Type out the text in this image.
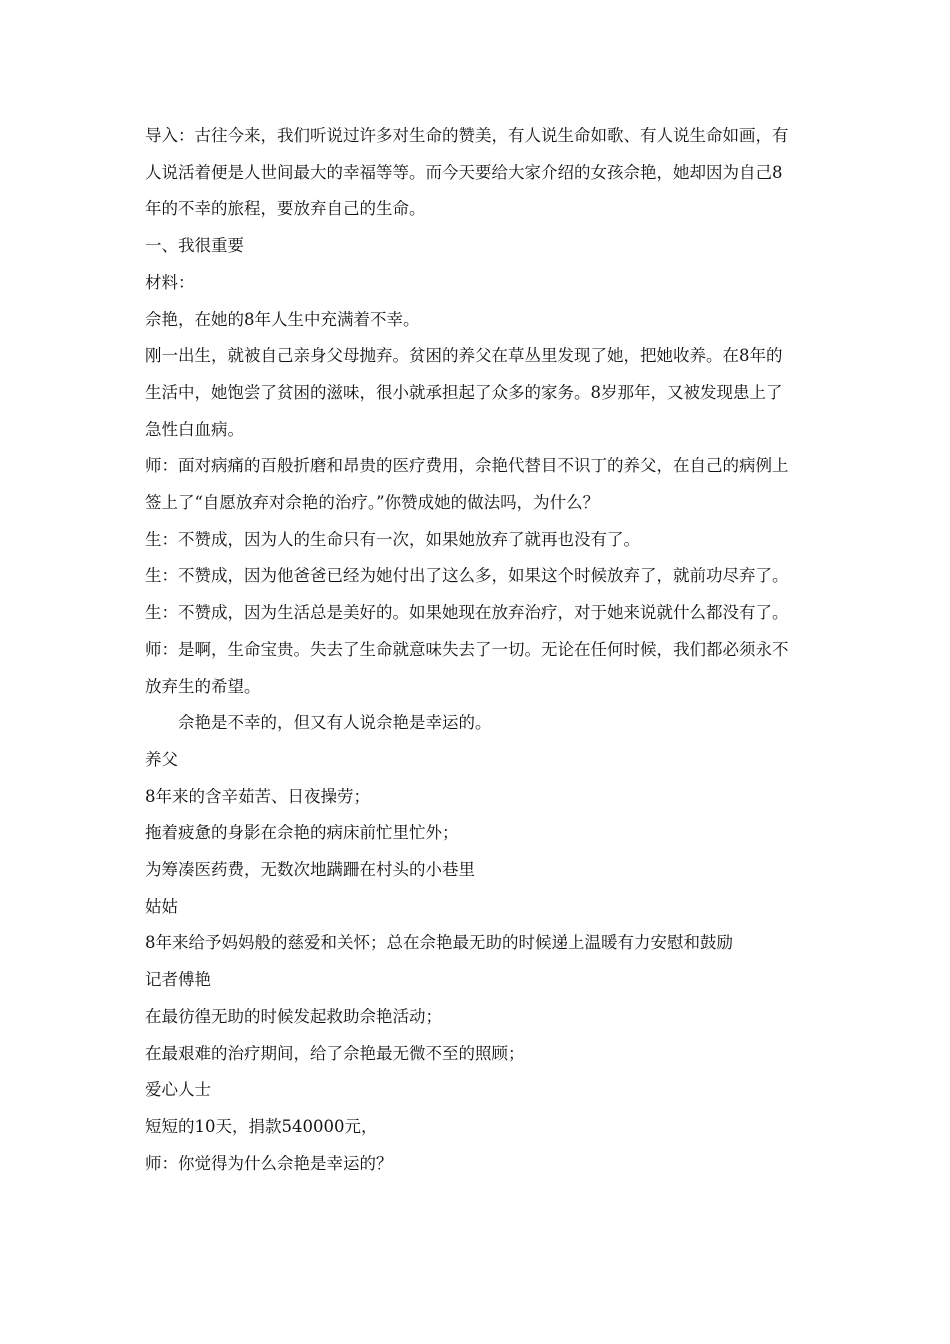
导入：古往今来，我们听说过许多对生命的赞美，有人说生命如歌、有人说生命如画，有

人说活着便是人世间最大的幸福等等。而今天要给大家介绍的女孩佘艳，她却因为自己8

年的不幸的旅程，要放弃自己的生命。

一、我很重要

材料：

佘艳，在她的8年人生中充满着不幸。

刚一出生，就被自己亲身父母抛弃。贫困的养父在草丛里发现了她，把她收养。在8年的

生活中，她饱尝了贫困的滋味，很小就承担起了众多的家务。8岁那年，又被发现患上了

急性白血病。

师：面对病痛的百般折磨和昂贵的医疗费用，佘艳代替目不识丁的养父，在自己的病例上

签上了“自愿放弃对佘艳的治疗。”你赞成她的做法吗，为什么？

生：不赞成，因为人的生命只有一次，如果她放弃了就再也没有了。

生：不赞成，因为他爸爸已经为她付出了这么多，如果这个时候放弃了，就前功尽弃了。

生：不赞成，因为生活总是美好的。如果她现在放弃治疗，对于她来说就什么都没有了。

师：是啊，生命宝贵。失去了生命就意味失去了一切。无论在任何时候，我们都必须永不

放弃生的希望。

佘艳是不幸的，但又有人说佘艳是幸运的。

养父

8年来的含辛茹苦、日夜操劳；

拖着疲惫的身影在佘艳的病床前忙里忙外；

为筹凑医药费，无数次地蹒跚在村头的小巷里

姑姑

8年来给予妈妈般的慈爱和关怀；总在佘艳最无助的时候递上温暖有力安慰和鼓励

记者傅艳

在最彷徨无助的时候发起救助佘艳活动；

在最艰难的治疗期间，给了佘艳最无微不至的照顾；

爱心人士

短短的10天，捐款540000元，

师：你觉得为什么佘艳是幸运的？
